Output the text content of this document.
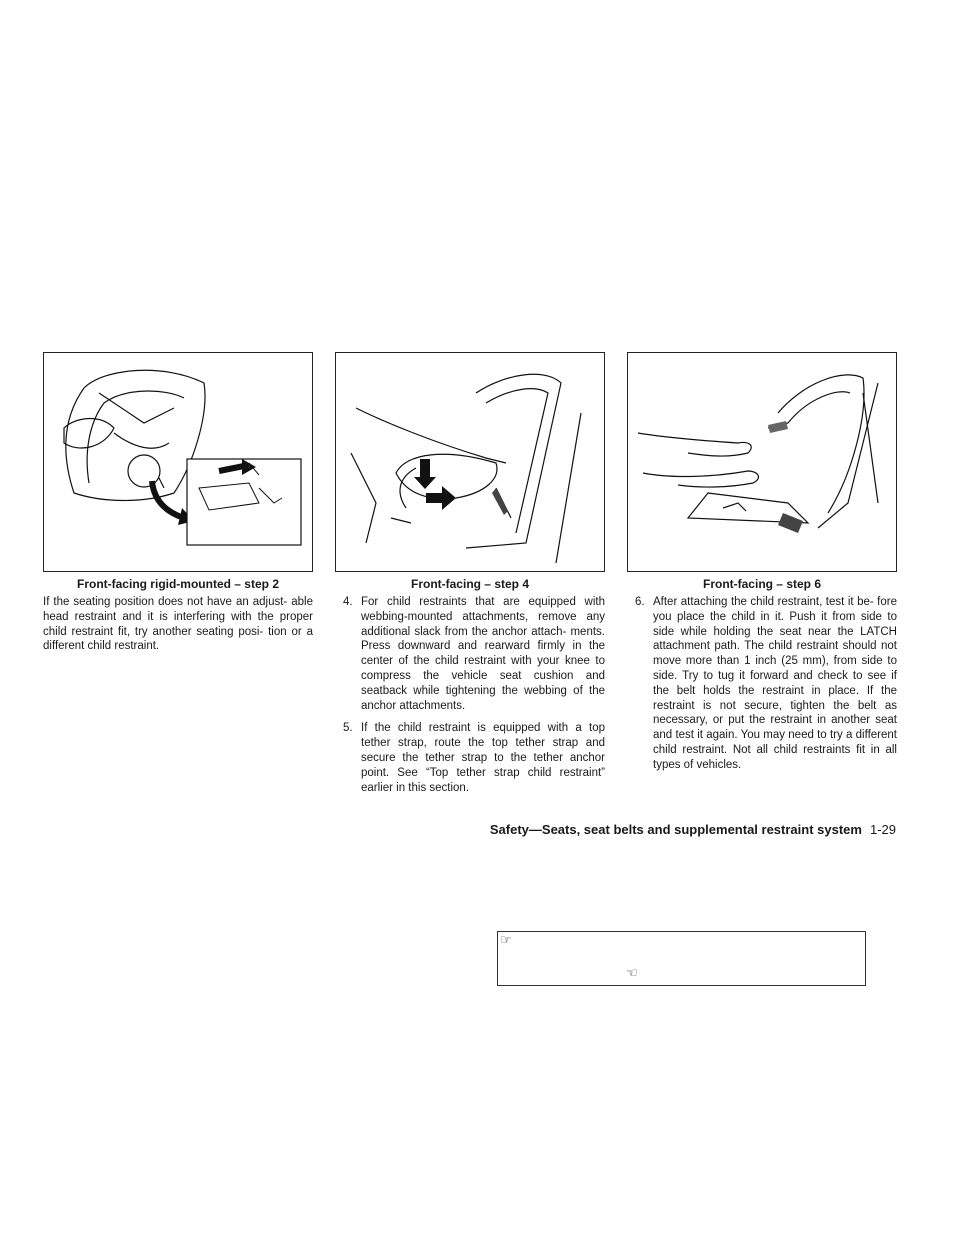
Front-facing rigid-mounted – step 2
If the seating position does not have an adjust- able head restraint and it is interfering with the proper child restraint fit, try another seating posi- tion or a different child restraint.
Front-facing – step 4
4. For child restraints that are equipped with webbing-mounted attachments, remove any additional slack from the anchor attach- ments. Press downward and rearward firmly in the center of the child restraint with your knee to compress the vehicle seat cushion and seatback while tightening the webbing of the anchor attachments.
5. If the child restraint is equipped with a top tether strap, route the top tether strap and secure the tether strap to the tether anchor point. See “Top tether strap child restraint” earlier in this section.
Front-facing – step 6
6. After attaching the child restraint, test it be- fore you place the child in it. Push it from side to side while holding the seat near the LATCH attachment path. The child restraint should not move more than 1 inch (25 mm), from side to side. Try to tug it forward and check to see if the belt holds the restraint in place. If the restraint is not secure, tighten the belt as necessary, or put the restraint in another seat and test it again. You may need to try a different child restraint. Not all child restraints fit in all types of vehicles.
Safety—Seats, seat belts and supplemental restraint system 1-29
☞
☜
